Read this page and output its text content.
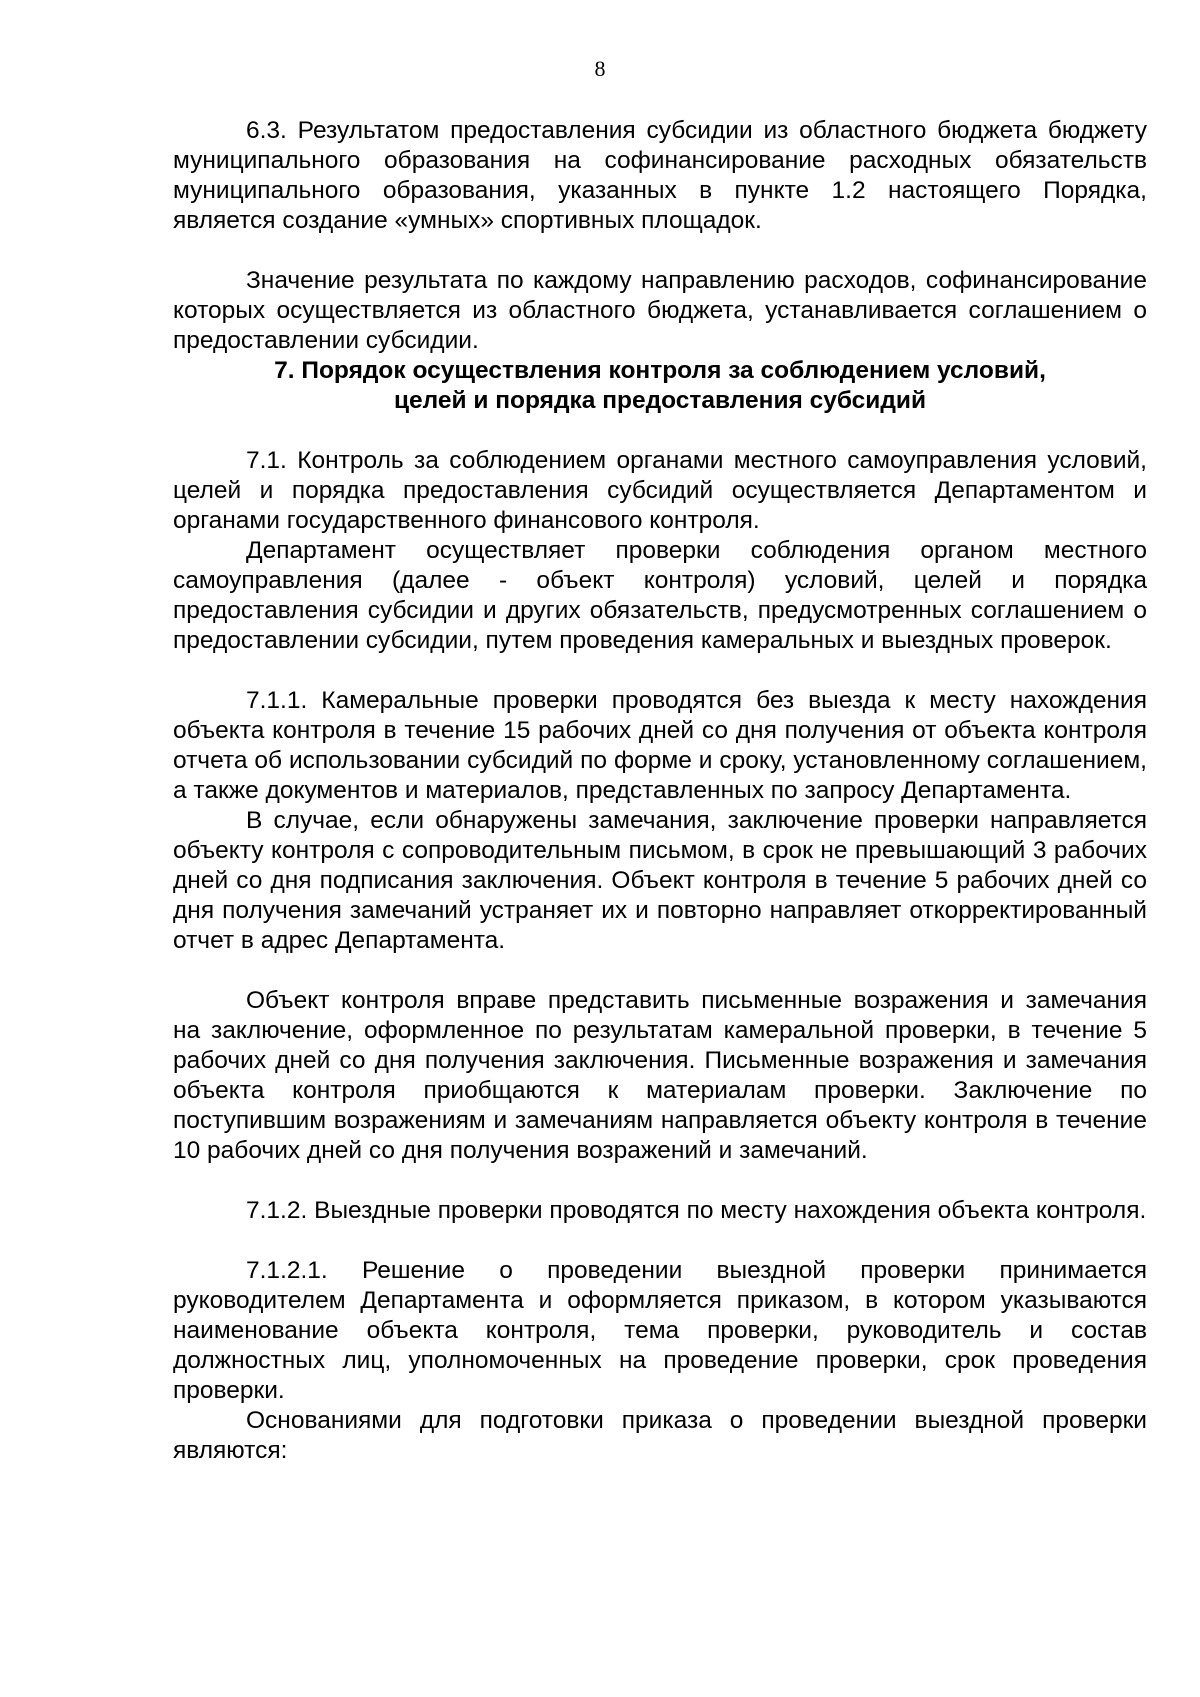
8

6.3. Результатом предоставления субсидии из областного бюджета бюджету муниципального образования на софинансирование расходных обязательств муниципального образования, указанных в пункте 1.2 настоящего Порядка, является создание «умных» спортивных площадок.

Значение результата по каждому направлению расходов, софинансирование которых осуществляется из областного бюджета, устанавливается соглашением о предоставлении субсидии.

7. Порядок осуществления контроля за соблюдением условий,
целей и порядка предоставления субсидий

7.1. Контроль за соблюдением органами местного самоуправления условий, целей и порядка предоставления субсидий осуществляется Департаментом и органами государственного финансового контроля.

Департамент осуществляет проверки соблюдения органом местного самоуправления (далее - объект контроля) условий, целей и порядка предоставления субсидии и других обязательств, предусмотренных соглашением о предоставлении субсидии, путем проведения камеральных и выездных проверок.

7.1.1. Камеральные проверки проводятся без выезда к месту нахождения объекта контроля в течение 15 рабочих дней со дня получения от объекта контроля отчета об использовании субсидий по форме и сроку, установленному соглашением, а также документов и материалов, представленных по запросу Департамента.

В случае, если обнаружены замечания, заключение проверки направляется объекту контроля с сопроводительным письмом, в срок не превышающий 3 рабочих дней со дня подписания заключения. Объект контроля в течение 5 рабочих дней со дня получения замечаний устраняет их и повторно направляет откорректированный отчет в адрес Департамента.

Объект контроля вправе представить письменные возражения и замечания на заключение, оформленное по результатам камеральной проверки, в течение 5 рабочих дней со дня получения заключения. Письменные возражения и замечания объекта контроля приобщаются к материалам проверки. Заключение по поступившим возражениям и замечаниям направляется объекту контроля в течение 10 рабочих дней со дня получения возражений и замечаний.

7.1.2. Выездные проверки проводятся по месту нахождения объекта контроля.

7.1.2.1. Решение о проведении выездной проверки принимается руководителем Департамента и оформляется приказом, в котором указываются наименование объекта контроля, тема проверки, руководитель и состав должностных лиц, уполномоченных на проведение проверки, срок проведения проверки.

Основаниями для подготовки приказа о проведении выездной проверки являются:
